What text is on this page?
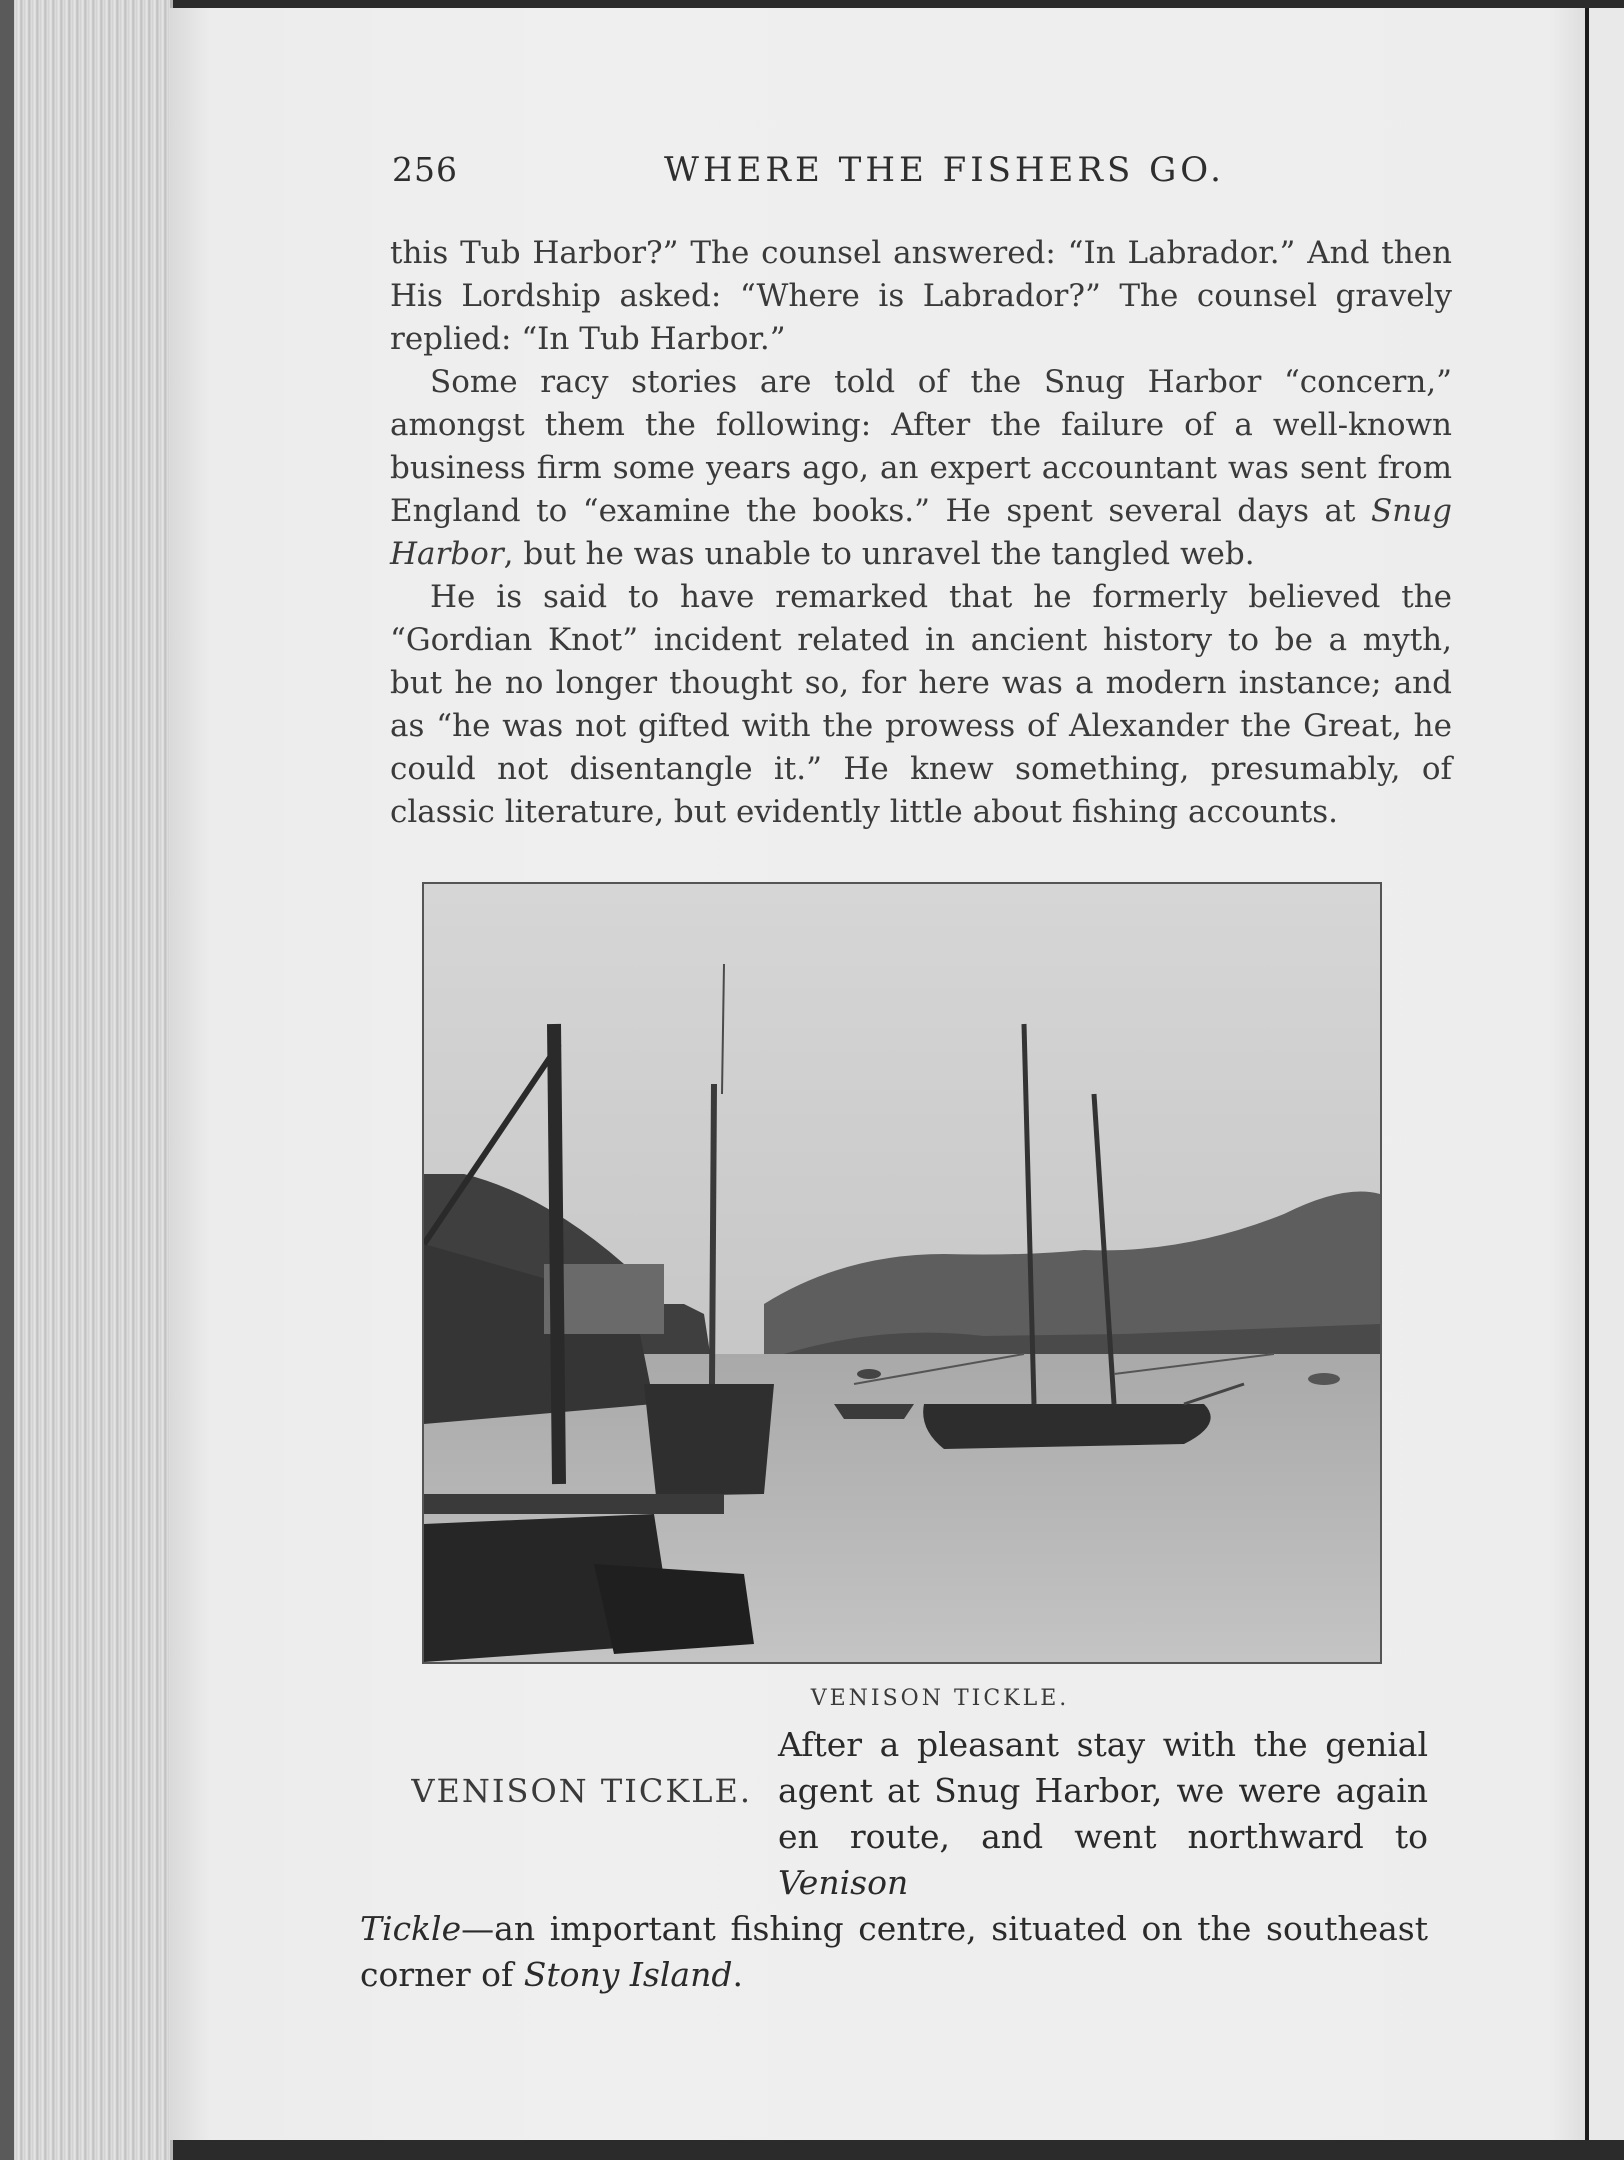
256	WHERE THE FISHERS GO.

this Tub Harbor?” The counsel answered: “In Labrador.” And then His Lordship asked: “Where is Labrador?” The counsel gravely replied: “In Tub Harbor.”

Some racy stories are told of the Snug Harbor “concern,” amongst them the following: After the failure of a well-known business firm some years ago, an expert accountant was sent from England to “examine the books.” He spent several days at Snug Harbor, but he was unable to unravel the tangled web.

He is said to have remarked that he formerly believed the “Gordian Knot” incident related in ancient history to be a myth, but he no longer thought so, for here was a modern instance; and as “he was not gifted with the prowess of Alexander the Great, he could not disentangle it.” He knew something, presumably, of classic literature, but evidently little about fishing accounts.

VENISON TICKLE.
VENISON TICKLE.
After a pleasant stay with the genial agent at Snug Harbor, we were again en route, and went northward to Venison
Tickle—an important fishing centre, situated on the southeast corner of Stony Island.
